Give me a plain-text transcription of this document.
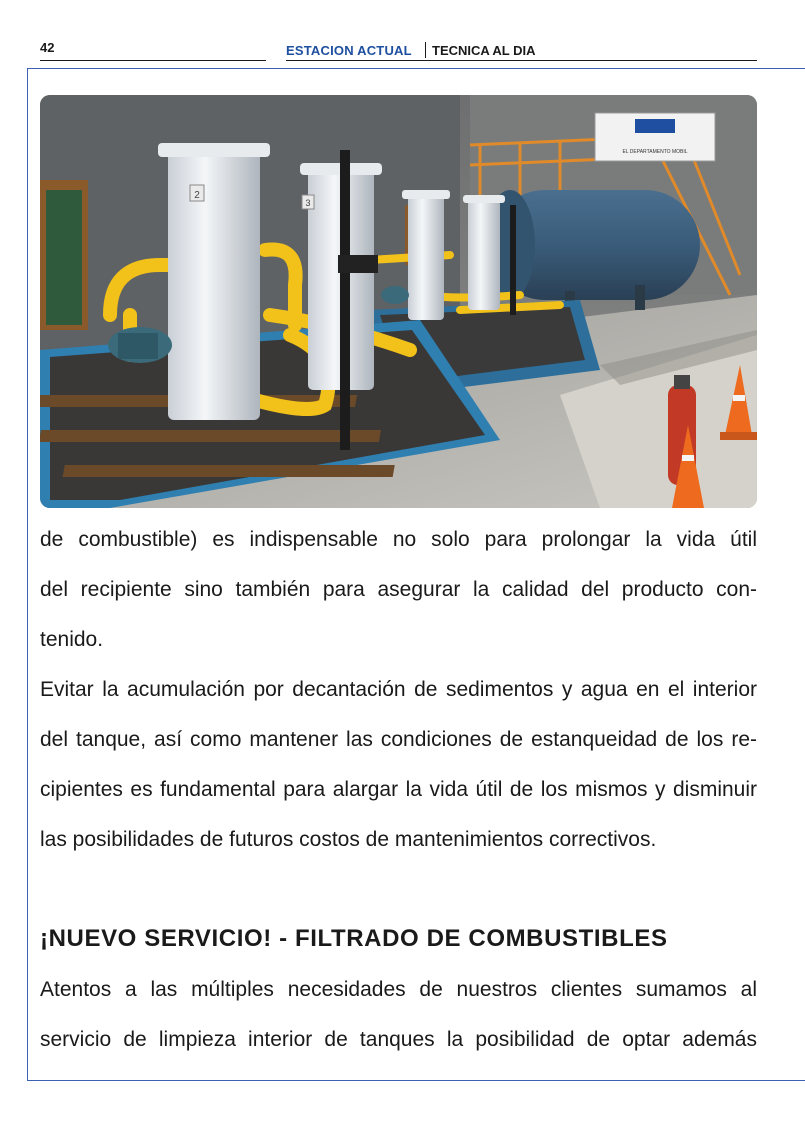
42	ESTACION ACTUAL TECNICA AL DIA
EL DEPARTAMENTO MOBIL
2
3
de combustible) es indispensable no solo para prolongar la vida útil
del recipiente sino también para asegurar la calidad del producto con-
tenido.
Evitar la acumulación por decantación de sedimentos y agua en el interior
del tanque, así como mantener las condiciones de estanqueidad de los re-
cipientes es fundamental para alargar la vida útil de los mismos y disminuir
las posibilidades de futuros costos de mantenimientos correctivos.
¡NUEVO SERVICIO! - FILTRADO DE COMBUSTIBLES
Atentos a las múltiples necesidades de nuestros clientes sumamos al
servicio de limpieza interior de tanques la posibilidad de optar además
